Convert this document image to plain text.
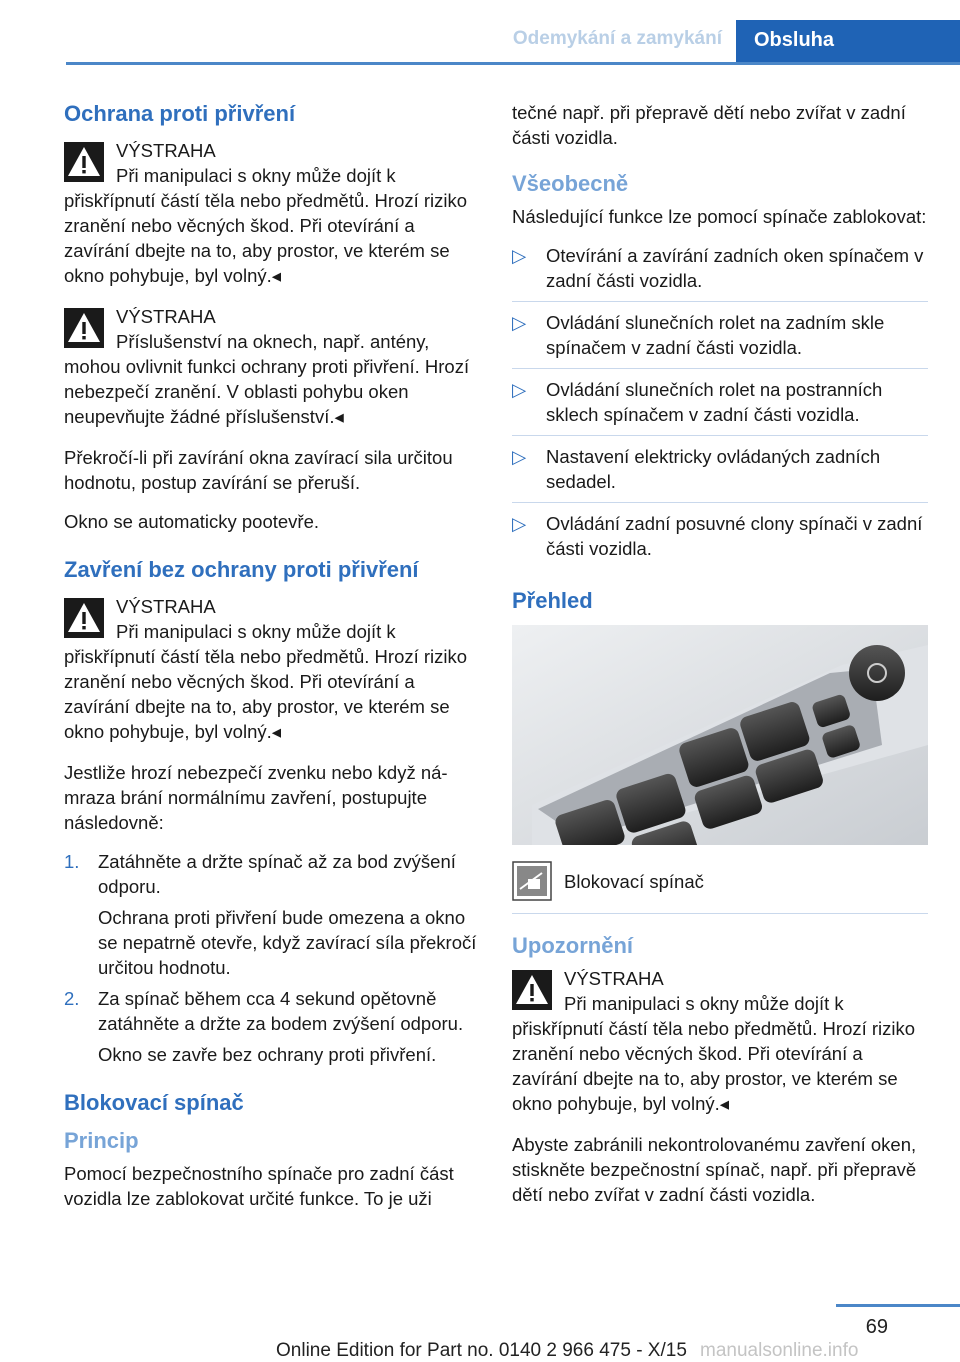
Odemykání a zamykání	Obsluha
Ochrana proti přivření
VÝSTRAHA
Při manipulaci s okny může dojít k přiskřípnutí částí těla nebo předmětů. Hrozí riziko zranění nebo věcných škod. Při otevírání a zavírání dbejte na to, aby prostor, ve kterém se okno pohybuje, byl volný.◂
VÝSTRAHA
Příslušenství na oknech, např. antény, mohou ovlivnit funkci ochrany proti přivření. Hrozí nebezpečí zranění. V oblasti pohybu oken neupevňujte žádné příslušenství.◂

Překročí-li při zavírání okna zavírací sila určitou hodnotu, postup zavírání se přeruší.

Okno se automaticky pootevře.

Zavření bez ochrany proti přivření
VÝSTRAHA
Při manipulaci s okny může dojít k přiskřípnutí částí těla nebo předmětů. Hrozí riziko zranění nebo věcných škod. Při otevírání a zavírání dbejte na to, aby prostor, ve kterém se okno pohybuje, byl volný.◂

Jestliže hrozí nebezpečí zvenku nebo když námraza brání normálnímu zavření, postupujte následovně:

1. Zatáhněte a držte spínač až za bod zvýšení odporu.
Ochrana proti přivření bude omezena a okno se nepatrně otevře, když zavírací síla překročí určitou hodnotu.
2. Za spínač během cca 4 sekund opětovně zatáhněte a držte za bodem zvýšení odporu.
Okno se zavře bez ochrany proti přivření.
Blokovací spínač
Princip

Pomocí bezpečnostního spínače pro zadní část vozidla lze zablokovat určité funkce. To je uži

tečné např. při přepravě dětí nebo zvířat v zadní části vozidla.

Všeobecně

Následující funkce lze pomocí spínače zablokovat:

▷ Otevírání a zavírání zadních oken spínačem v zadní části vozidla.
▷ Ovládání slunečních rolet na zadním skle spínačem v zadní části vozidla.
▷ Ovládání slunečních rolet na postranních sklech spínačem v zadní části vozidla.
▷ Nastavení elektricky ovládaných zadních sedadel.
▷ Ovládání zadní posuvné clony spínači v zadní části vozidla.
Přehled
Blokovací spínač
Upozornění
VÝSTRAHA
Při manipulaci s okny může dojít k přiskřípnutí částí těla nebo předmětů. Hrozí riziko zranění nebo věcných škod. Při otevírání a zavírání dbejte na to, aby prostor, ve kterém se okno pohybuje, byl volný.◂

Abyste zabránili nekontrolovanému zavření oken, stiskněte bezpečnostní spínač, např. při přepravě dětí nebo zvířat v zadní části vozidla.

69
Online Edition for Part no. 0140 2 966 475 - X/15 manualsonline.info
